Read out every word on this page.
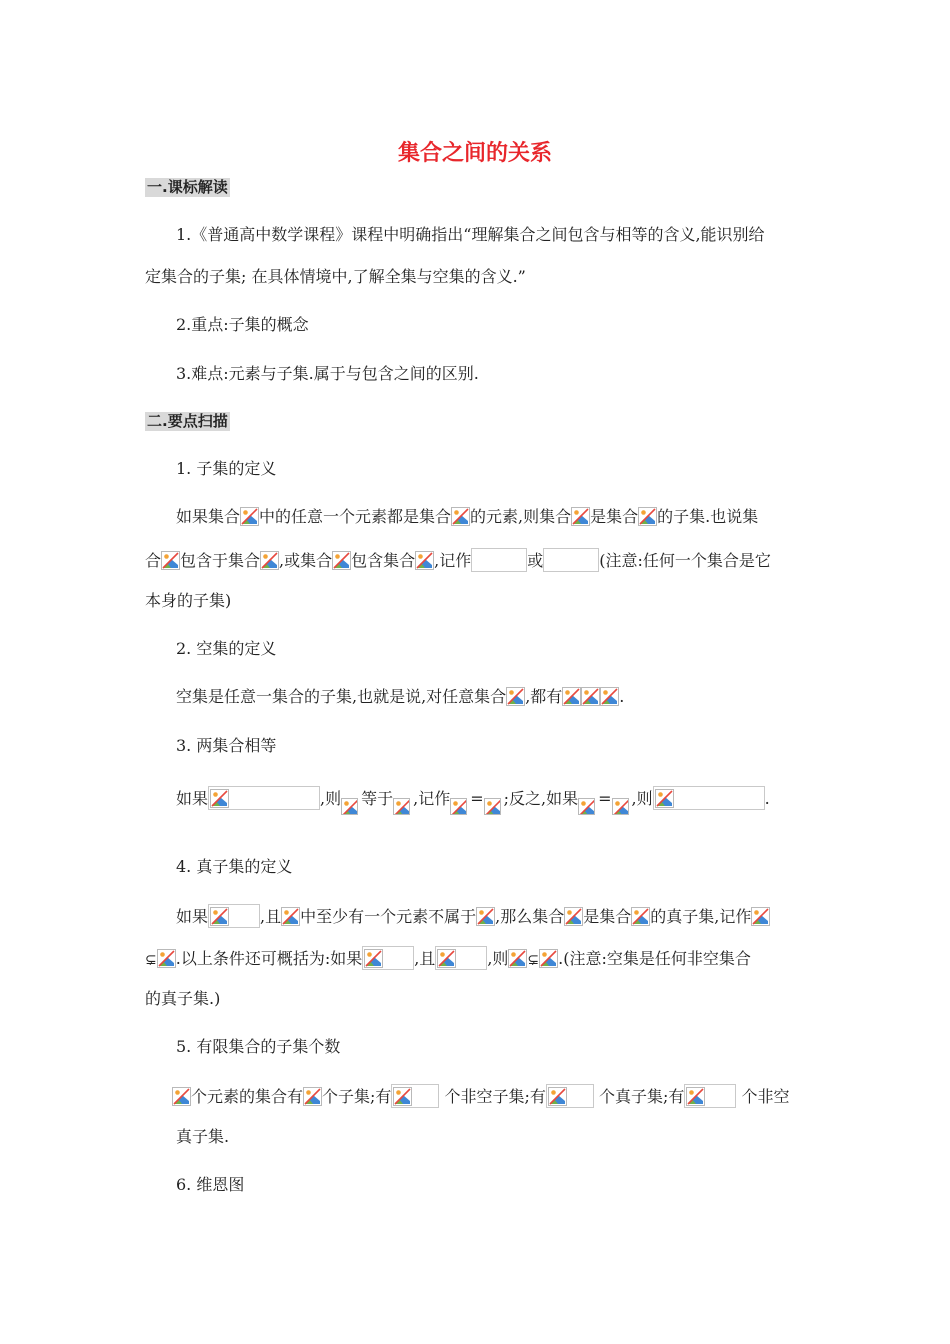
集合之间的关系
一.课标解读
1.《普通高中数学课程》课程中明确指出“理解集合之间包含与相等的含义,能识别给
定集合的子集; 在具体情境中,了解全集与空集的含义.”
2.重点:子集的概念
3.难点:元素与子集.属于与包含之间的区别.
二.要点扫描
1. 子集的定义
如果集合 中的任意一个元素都是集合 的元素,则集合 是集合 的子集.也说集
合 包含于集合 ,或集合 包含集合 ,记作	或	(注意:任何一个集合是它
本身的子集)
2. 空集的定义
空集是任意一集合的子集,也就是说,对任意集合 ,都有	.
3. 两集合相等
如果	,则 等于 ,记作 = ;反之,如果 = ,则	.
4. 真子集的定义
如果	,且 中至少有一个元素不属于 ,那么集合 是集合 的真子集,记作
⊊ .以上条件还可概括为:如果	,且	,则 ⊊ .(注意:空集是任何非空集合
的真子集.)
5. 有限集合的子集个数
个元素的集合有 个子集;有	个非空子集;有	个真子集;有	个非空
真子集.
6. 维恩图
